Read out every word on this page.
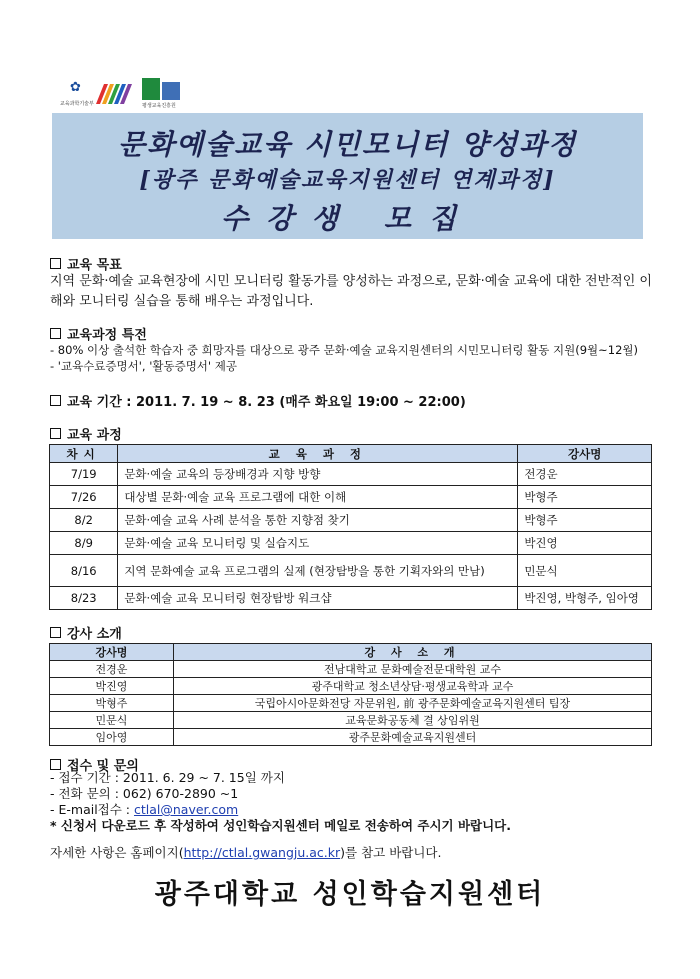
✿
교육과학기술부	평생교육진흥원
문화예술교육 시민모니터 양성과정
[광주 문화예술교육지원센터 연계과정]
수강생 모집
교육 목표
지역 문화·예술 교육현장에 시민 모니터링 활동가를 양성하는 과정으로, 문화·예술 교육에 대한 전반적인 이해와 모니터링 실습을 통해 배우는 과정입니다.
교육과정 특전
- 80% 이상 출석한 학습자 중 희망자를 대상으로 광주 문화·예술 교육지원센터의 시민모니터링 활동 지원(9월~12월)
- '교육수료증명서', '활동증명서' 제공
교육 기간 : 2011. 7. 19 ~ 8. 23 (매주 화요일 19:00 ~ 22:00)
교육 과정
차시	교 육 과 정	강사명
7/19	문화·예술 교육의 등장배경과 지향 방향	전경운
7/26	대상별 문화·예술 교육 프로그램에 대한 이해	박형주
8/2	문화·예술 교육 사례 분석을 통한 지향점 찾기	박형주
8/9	문화·예술 교육 모니터링 및 실습지도	박진영
8/16	지역 문화예술 교육 프로그램의 실제 (현장탐방을 통한 기획자와의 만남)	민문식
8/23	문화·예술 교육 모니터링 현장탐방 워크샵	박진영, 박형주, 임아영
강사 소개
강사명	강 사 소 개
전경운	전남대학교 문화예술전문대학원 교수
박진영	광주대학교 청소년상담·평생교육학과 교수
박형주	국립아시아문화전당 자문위원, 前 광주문화예술교육지원센터 팀장
민문식	교육문화공동체 결 상임위원
임아영	광주문화예술교육지원센터
접수 및 문의
- 접수 기간 : 2011. 6. 29 ~ 7. 15일 까지
- 전화 문의 : 062) 670-2890 ~1
- E-mail접수 : ctlal@naver.com
* 신청서 다운로드 후 작성하여 성인학습지원센터 메일로 전송하여 주시기 바랍니다.
자세한 사항은 홈페이지(http://ctlal.gwangju.ac.kr)를 참고 바랍니다.
광주대학교 성인학습지원센터
